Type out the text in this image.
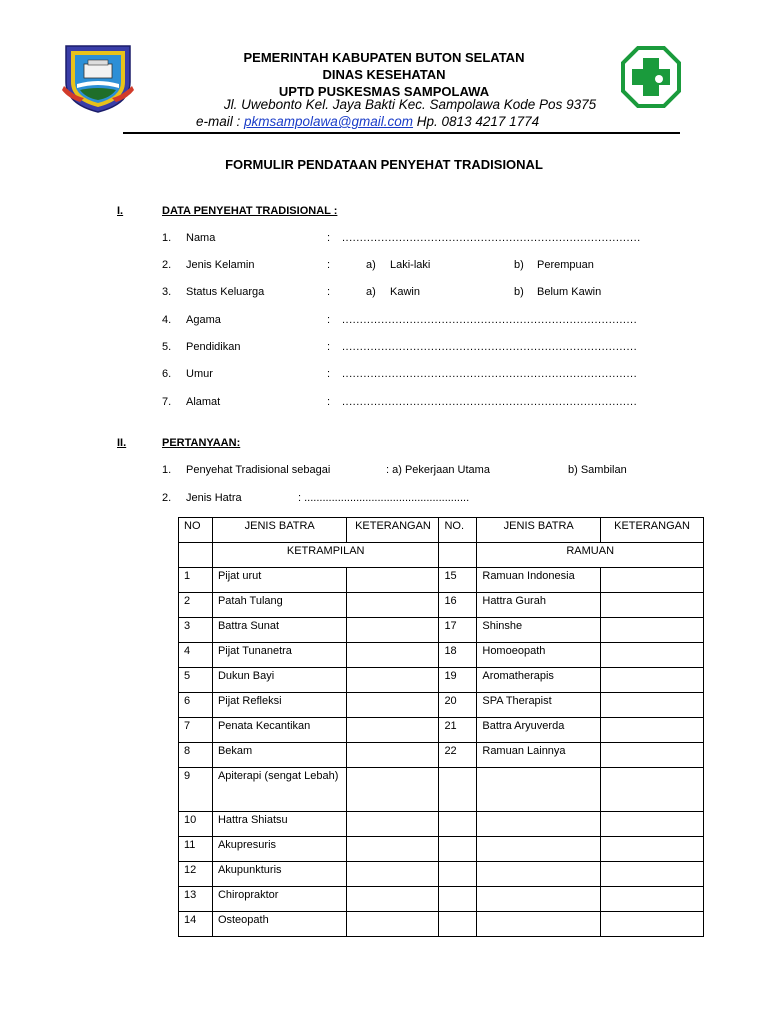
PEMERINTAH KABUPATEN BUTON SELATAN
DINAS KESEHATAN
UPTD PUSKESMAS SAMPOLAWA
Jl. Uwebonto Kel. Jaya Bakti Kec. Sampolawa Kode Pos 9375
e-mail : pkmsampolawa@gmail.com Hp. 0813 4217 1774
FORMULIR PENDATAAN PENYEHAT TRADISIONAL
I.	DATA PENYEHAT TRADISIONAL :
1. Nama	: ....................................................................................
2. Jenis Kelamin	:	a) Laki-laki	b) Perempuan
3. Status Keluarga	:	a) Kawin	b) Belum Kawin
4. Agama	: ...................................................................................
5. Pendidikan	: ...................................................................................
6. Umur	: ...................................................................................
7. Alamat	: ...................................................................................
II.	PERTANYAAN:
1. Penyehat Tradisional sebagai	: a) Pekerjaan Utama	b) Sambilan
2. Jenis Hatra	: ......................................................
NO	JENIS BATRA	KETERANGAN	NO.	JENIS BATRA	KETERANGAN
	KETRAMPILAN			RAMUAN	
1	Pijat urut		15	Ramuan Indonesia	
2	Patah Tulang		16	Hattra Gurah	
3	Battra Sunat		17	Shinshe	
4	Pijat Tunanetra		18	Homoeopath	
5	Dukun Bayi		19	Aromatherapis	
6	Pijat Refleksi		20	SPA Therapist	
7	Penata Kecantikan		21	Battra Aryuverda	
8	Bekam		22	Ramuan Lainnya	
9	Apiterapi (sengat Lebah)				
10	Hattra Shiatsu				
11	Akupresuris				
12	Akupunkturis				
13	Chiropraktor				
14	Osteopath				
